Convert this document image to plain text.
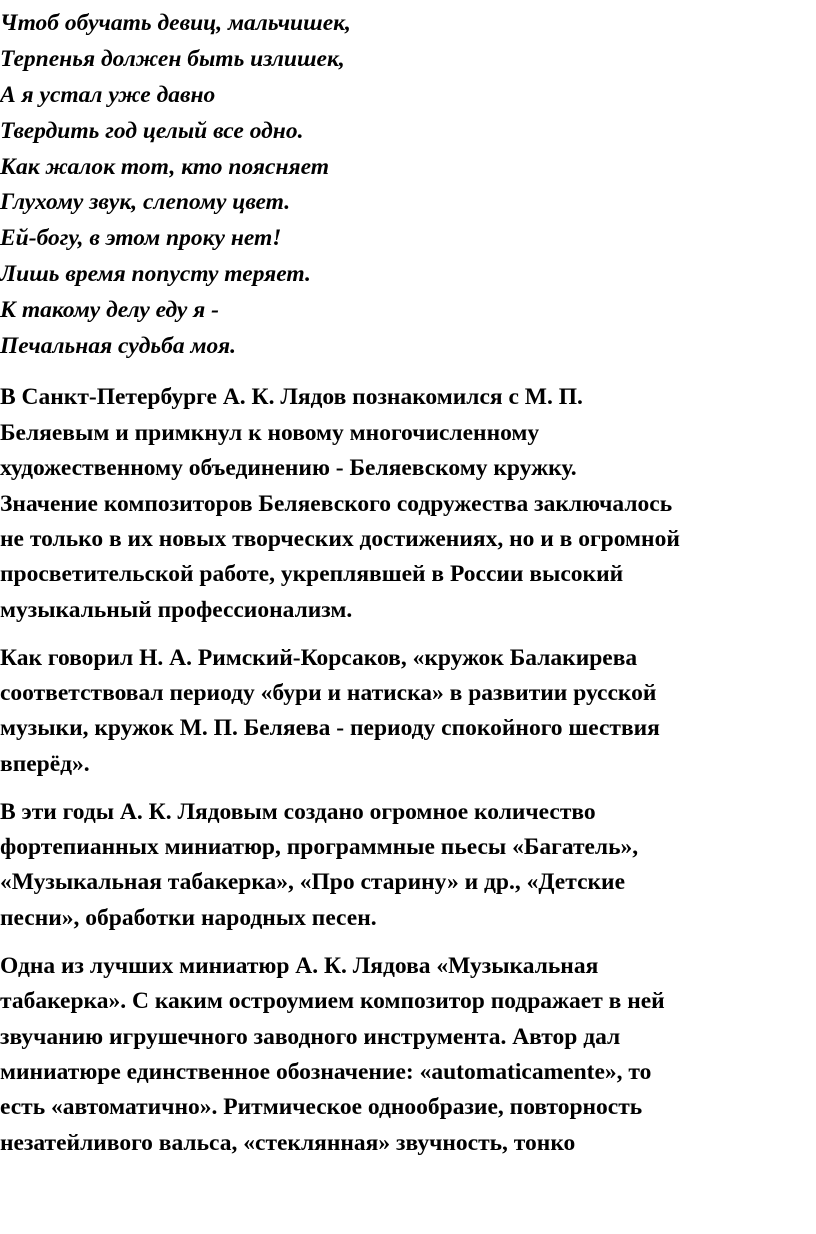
Чтоб обучать девиц, мальчишек,
Терпенья должен быть излишек,
А я устал уже давно
Твердить год целый все одно.
Как жалок тот, кто поясняет
Глухому звук, слепому цвет.
Ей-богу, в этом проку нет!
Лишь время попусту теряет.
К такому делу еду я -
Печальная судьба моя.
В Санкт-Петербурге А. К. Лядов познакомился с М. П.
Беляевым и примкнул к новому многочисленному
художественному объединению - Беляевскому кружку.
Значение композиторов Беляевского содружества заключалось
не только в их новых творческих достижениях, но и в огромной
просветительской работе, укреплявшей в России высокий
музыкальный профессионализм.
Как говорил Н. А. Римский-Корсаков, «кружок Балакирева
соответствовал периоду «бури и натиска» в развитии русской
музыки, кружок М. П. Беляева - периоду спокойного шествия
вперёд».
В эти годы А. К. Лядовым создано огромное количество
фортепианных миниатюр, программные пьесы «Багатель»,
«Музыкальная табакерка», «Про старину» и др., «Детские
песни», обработки народных песен.
Одна из лучших миниатюр А. К. Лядова «Музыкальная
табакерка». С каким остроумием композитор подражает в ней
звучанию игрушечного заводного инструмента. Автор дал
миниатюре единственное обозначение: «automaticamente», то
есть «автоматично». Ритмическое однообразие, повторность
незатейливого вальса, «стеклянная» звучность, тонко
